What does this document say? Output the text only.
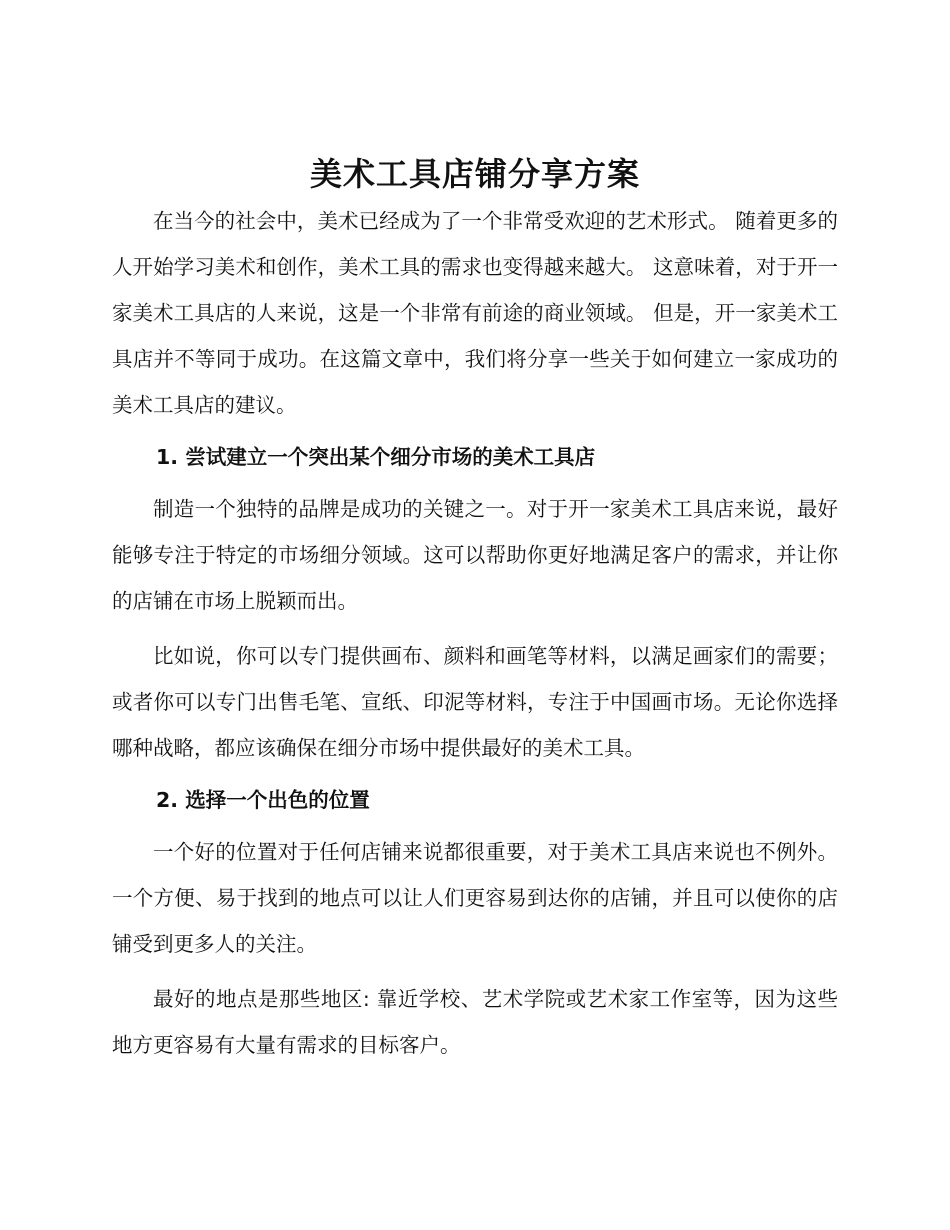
美术工具店铺分享方案

在当今的社会中，美术已经成为了一个非常受欢迎的艺术形式。 随着更多的人开始学习美术和创作，美术工具的需求也变得越来越大。 这意味着，对于开一家美术工具店的人来说，这是一个非常有前途的商业领域。 但是，开一家美术工具店并不等同于成功。在这篇文章中，我们将分享一些关于如何建立一家成功的美术工具店的建议。

1. 尝试建立一个突出某个细分市场的美术工具店

制造一个独特的品牌是成功的关键之一。对于开一家美术工具店来说，最好能够专注于特定的市场细分领域。这可以帮助你更好地满足客户的需求，并让你的店铺在市场上脱颖而出。

比如说，你可以专门提供画布、颜料和画笔等材料，以满足画家们的需要；或者你可以专门出售毛笔、宣纸、印泥等材料，专注于中国画市场。无论你选择哪种战略，都应该确保在细分市场中提供最好的美术工具。

2. 选择一个出色的位置

一个好的位置对于任何店铺来说都很重要，对于美术工具店来说也不例外。一个方便、易于找到的地点可以让人们更容易到达你的店铺，并且可以使你的店铺受到更多人的关注。

最好的地点是那些地区: 靠近学校、艺术学院或艺术家工作室等，因为这些地方更容易有大量有需求的目标客户。
